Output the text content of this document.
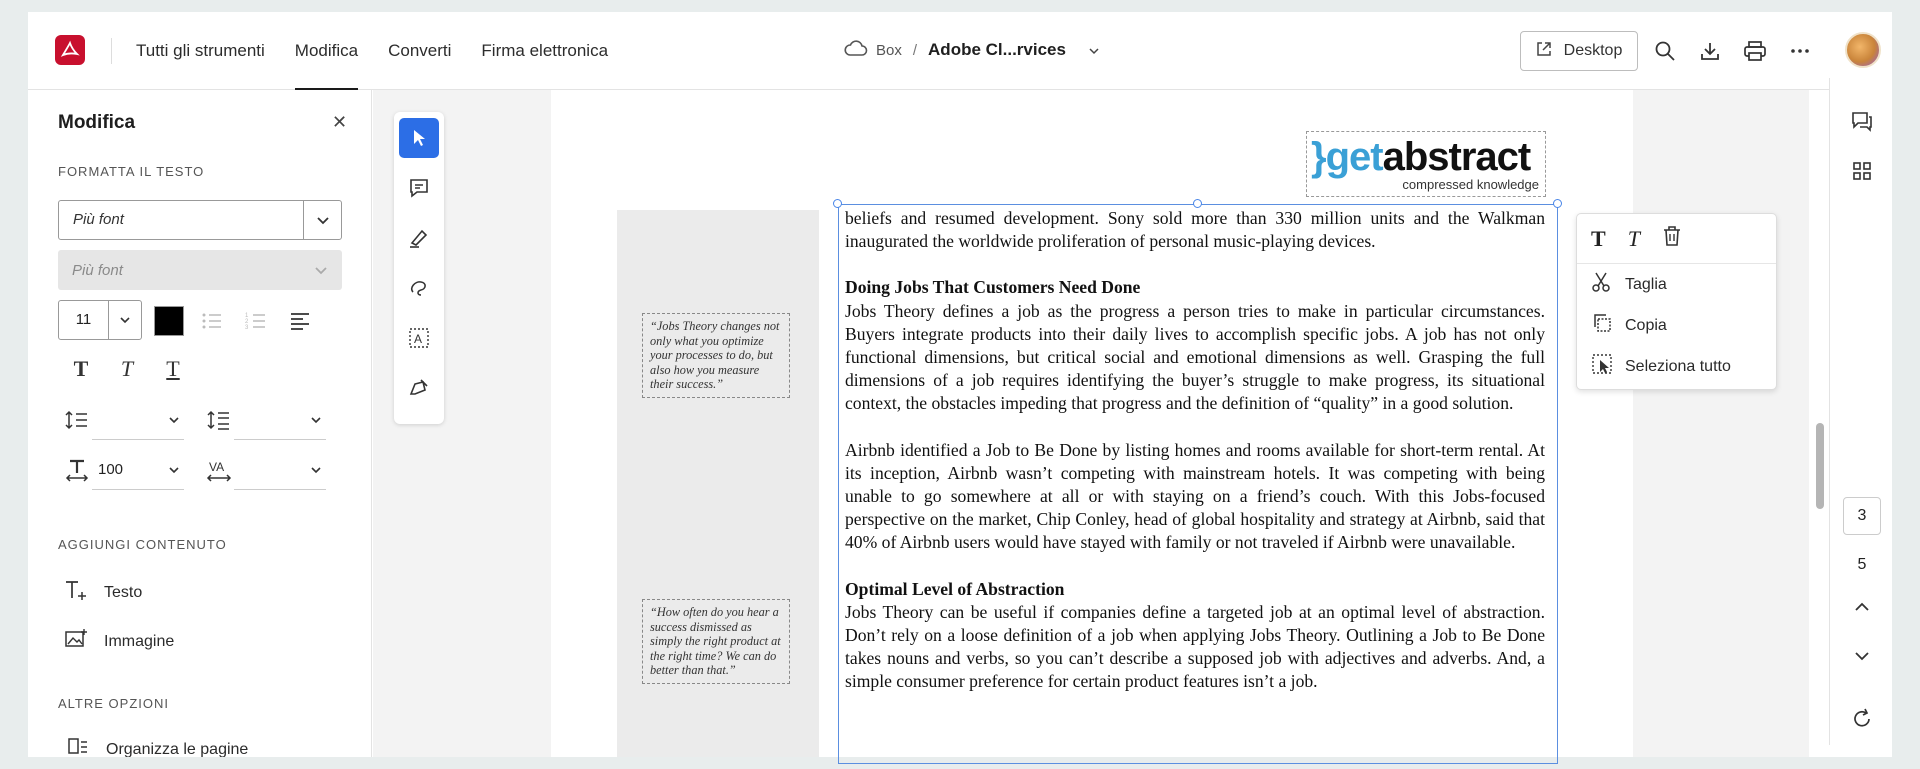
Tutti gli strumenti Modifica Converti Firma elettronica	Box / Adobe Cl...rvices	Desktop
Modifica	✕
FORMATTA IL TESTO
Più font
Più font
11	1
2
3
T T T
100	VA
AGGIUNGI CONTENUTO
Testo
Immagine
ALTRE OPZIONI
Organizza le pagine
A
“Jobs Theory changes not only what you optimize your processes to do, but also how you measure their success.”
“How often do you hear a success dismissed as simply the right product at the right time? We can do better than that.”
}getabstract
compressed knowledge

beliefs and resumed development. Sony sold more than 330 million units and the Walkman inaugurated the worldwide proliferation of personal music-playing devices.

Doing Jobs That Customers Need Done

Jobs Theory defines a job as the progress a person tries to make in particular circumstances. Buyers integrate products into their daily lives to accomplish specific jobs. A job has not only functional dimensions, but critical social and emotional dimensions as well. Grasping the full dimensions of a job requires identifying the buyer’s struggle to make progress, its situational context, the obstacles impeding that progress and the definition of “quality” in a good solution.

Airbnb identified a Job to Be Done by listing homes and rooms available for short-term rental. At its inception, Airbnb wasn’t competing with mainstream hotels. It was competing with being unable to go somewhere at all or with staying on a friend’s couch. With this Jobs-focused perspective on the market, Chip Conley, head of global hospitality and strategy at Airbnb, said that 40% of Airbnb users would have stayed with family or not traveled if Airbnb were unavailable.

Optimal Level of Abstraction

Jobs Theory can be useful if companies define a targeted job at an optimal level of abstraction. Don’t rely on a loose definition of a job when applying Jobs Theory. Outlining a Job to Be Done takes nouns and verbs, so you can’t describe a supposed job with adjectives and adverbs. And, a simple consumer preference for certain product features isn’t a job.

T T
Taglia
Copia
Seleziona tutto
3
5
